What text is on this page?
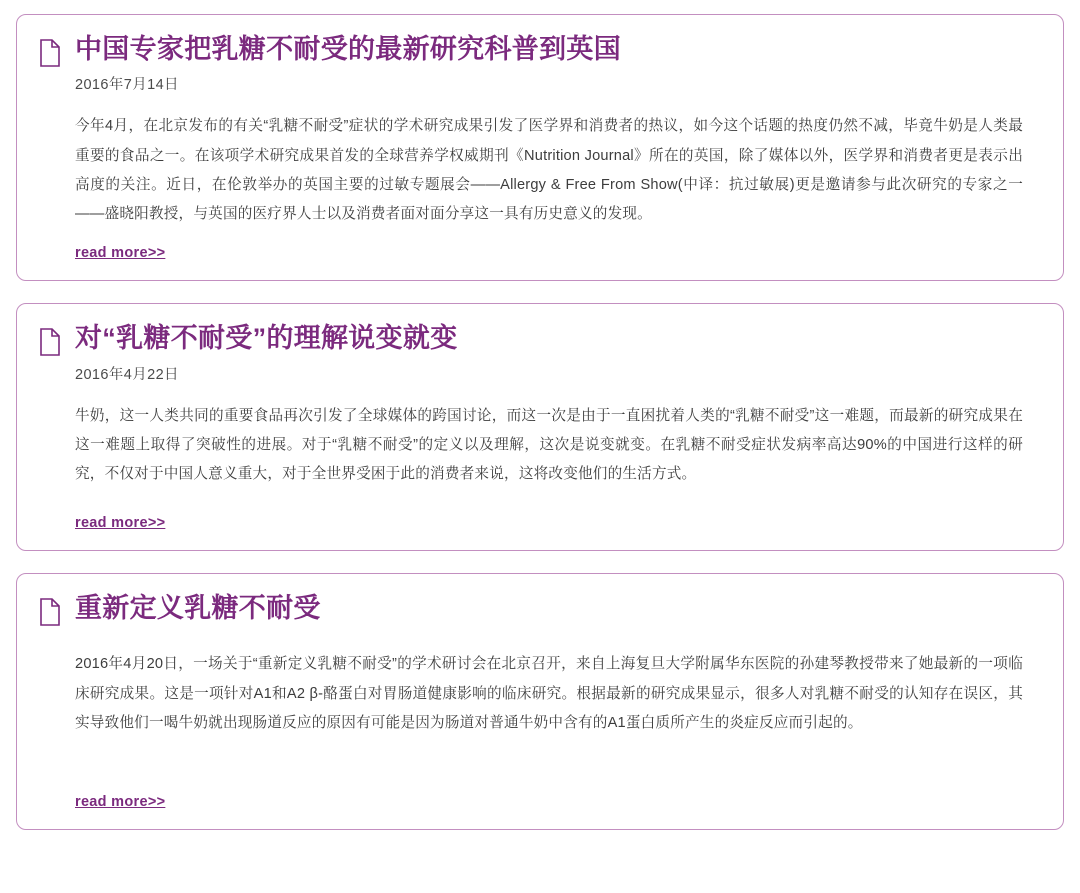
中国专家把乳糖不耐受的最新研究科普到英国

2016年7月14日

今年4月，在北京发布的有关“乳糖不耐受”症状的学术研究成果引发了医学界和消费者的热议，如今这个话题的热度仍然不减，毕竟牛奶是人类最重要的食品之一。在该项学术研究成果首发的全球营养学权威期刊《Nutrition Journal》所在的英国，除了媒体以外，医学界和消费者更是表示出高度的关注。近日，在伦敦举办的英国主要的过敏专题展会——Allergy & Free From Show(中译：抗过敏展)更是邀请参与此次研究的专家之一——盛晓阳教授，与英国的医疗界人士以及消费者面对面分享这一具有历史意义的发现。
read more>>
对“乳糖不耐受”的理解说变就变

2016年4月22日

牛奶，这一人类共同的重要食品再次引发了全球媒体的跨国讨论，而这一次是由于一直困扰着人类的“乳糖不耐受”这一难题，而最新的研究成果在这一难题上取得了突破性的进展。对于“乳糖不耐受”的定义以及理解，这次是说变就变。在乳糖不耐受症状发病率高达90%的中国进行这样的研究，不仅对于中国人意义重大，对于全世界受困于此的消费者来说，这将改变他们的生活方式。
read more>>
重新定义乳糖不耐受

2016年4月20日，一场关于“重新定义乳糖不耐受”的学术研讨会在北京召开，来自上海复旦大学附属华东医院的孙建琴教授带来了她最新的一项临床研究成果。这是一项针对A1和A2 β-酪蛋白对胃肠道健康影响的临床研究。根据最新的研究成果显示，很多人对乳糖不耐受的认知存在误区，其实导致他们一喝牛奶就出现肠道反应的原因有可能是因为肠道对普通牛奶中含有的A1蛋白质所产生的炎症反应而引起的。
read more>>
